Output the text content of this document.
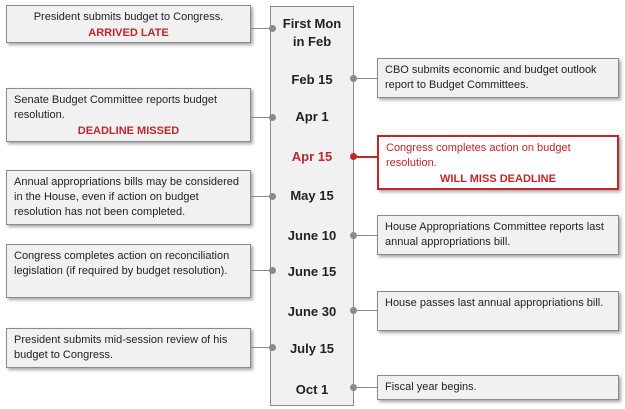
First Mon
in Feb
Feb 15
Apr 1
Apr 15
May 15
June 10
June 15
June 30
July 15
Oct 1
President submits budget to Congress.
ARRIVED LATE
Senate Budget Committee reports budget resolution.
DEADLINE MISSED
Annual appropriations bills may be considered in the House, even if action on budget resolution has not been completed.
Congress completes action on reconciliation legislation (if required by budget resolution).
President submits mid-session review of his budget to Congress.
CBO submits economic and budget outlook report to Budget Committees.
Congress completes action on budget resolution.
WILL MISS DEADLINE
House Appropriations Committee reports last annual appropriations bill.
House passes last annual appropriations bill.
Fiscal year begins.
